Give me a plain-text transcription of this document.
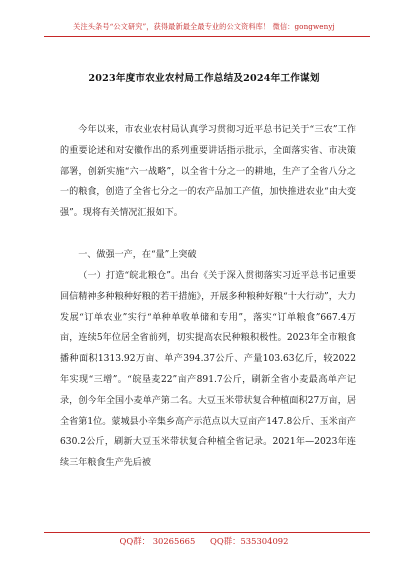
关注头条号“公文研究”，获得最新最全最专业的公文资料库！ 微信：gongwenyj
2023年度市农业农村局工作总结及2024年工作谋划
今年以来，市农业农村局认真学习贯彻习近平总书记关于“三农”工作的重要论述和对安徽作出的系列重要讲话指示批示，全面落实省、市决策部署，创新实施“六一战略”，以全省十分之一的耕地，生产了全省八分之一的粮食，创造了全省七分之一的农产品加工产值，加快推进农业“由大变强”。现将有关情况汇报如下。
一、做强一产，在“量”上突破
（一）打造“皖北粮仓”。出台《关于深入贯彻落实习近平总书记重要回信精神多种粮种好粮的若干措施》，开展多种粮种好粮“十大行动”，大力发展“订单农业”实行“单种单收单储和专用”，落实“订单粮食”667.4万亩，连续5年位居全省前列，切实提高农民种粮积极性。2023年全市粮食播种面积1313.92万亩、单产394.37公斤、产量103.63亿斤，较2022年实现“三增”。“皖垦麦22”亩产891.7公斤，刷新全省小麦最高单产记录，创今年全国小麦单产第二名。大豆玉米带状复合种植面积27万亩，居全省第1位。蒙城县小辛集乡高产示范点以大豆亩产147.8公斤、玉米亩产630.2公斤，刷新大豆玉米带状复合种植全省记录。2021年—2023年连续三年粮食生产先后被
QQ群： 30265665 QQ群：535304092
